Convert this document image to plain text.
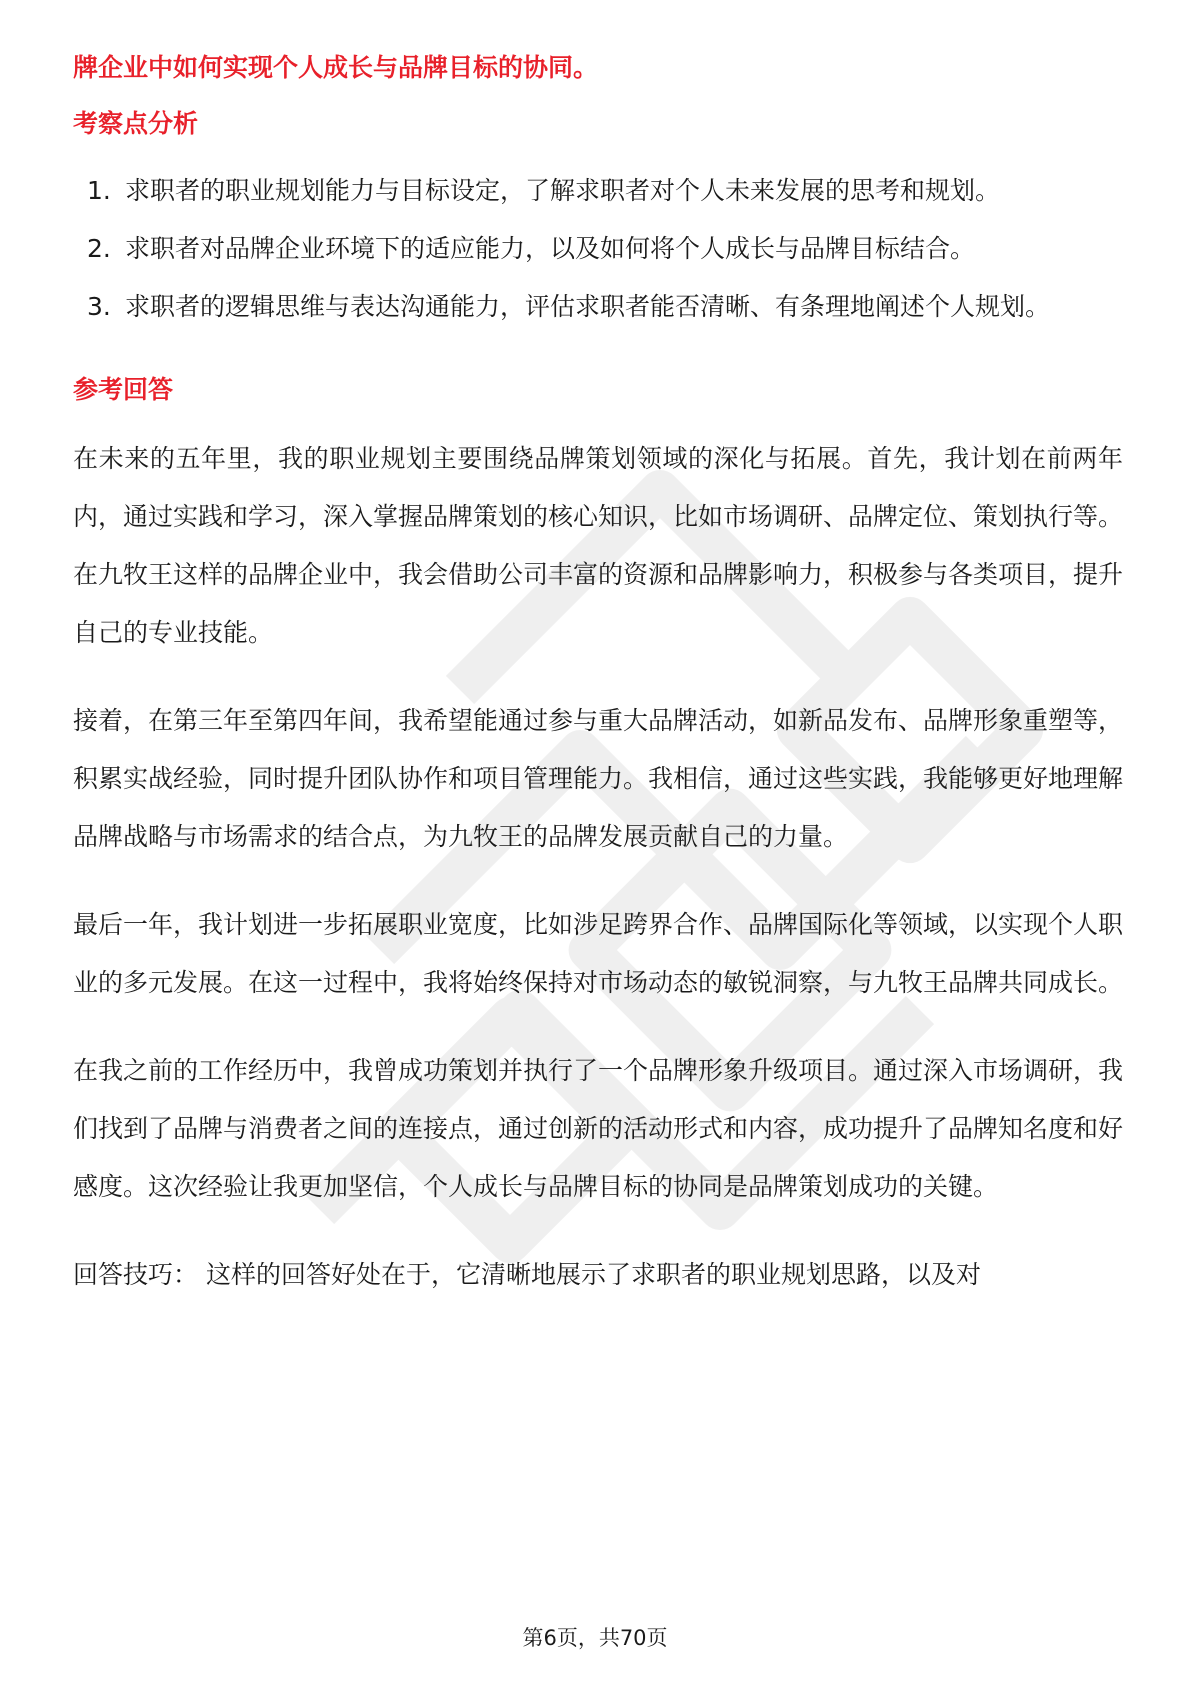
牌企业中如何实现个人成长与品牌目标的协同。

考察点分析
1. 求职者的职业规划能力与目标设定，了解求职者对个人未来发展的思考和规划。
2. 求职者对品牌企业环境下的适应能力，以及如何将个人成长与品牌目标结合。
3. 求职者的逻辑思维与表达沟通能力，评估求职者能否清晰、有条理地阐述个人规划。
参考回答

在未来的五年里，我的职业规划主要围绕品牌策划领域的深化与拓展。首先，我计划在前两年内，通过实践和学习，深入掌握品牌策划的核心知识，比如市场调研、品牌定位、策划执行等。在九牧王这样的品牌企业中，我会借助公司丰富的资源和品牌影响力，积极参与各类项目，提升自己的专业技能。

接着，在第三年至第四年间，我希望能通过参与重大品牌活动，如新品发布、品牌形象重塑等，积累实战经验，同时提升团队协作和项目管理能力。我相信，通过这些实践，我能够更好地理解品牌战略与市场需求的结合点，为九牧王的品牌发展贡献自己的力量。

最后一年，我计划进一步拓展职业宽度，比如涉足跨界合作、品牌国际化等领域，以实现个人职业的多元发展。在这一过程中，我将始终保持对市场动态的敏锐洞察，与九牧王品牌共同成长。

在我之前的工作经历中，我曾成功策划并执行了一个品牌形象升级项目。通过深入市场调研，我们找到了品牌与消费者之间的连接点，通过创新的活动形式和内容，成功提升了品牌知名度和好感度。这次经验让我更加坚信，个人成长与品牌目标的协同是品牌策划成功的关键。

回答技巧： 这样的回答好处在于，它清晰地展示了求职者的职业规划思路，以及对

第6页，共70页
